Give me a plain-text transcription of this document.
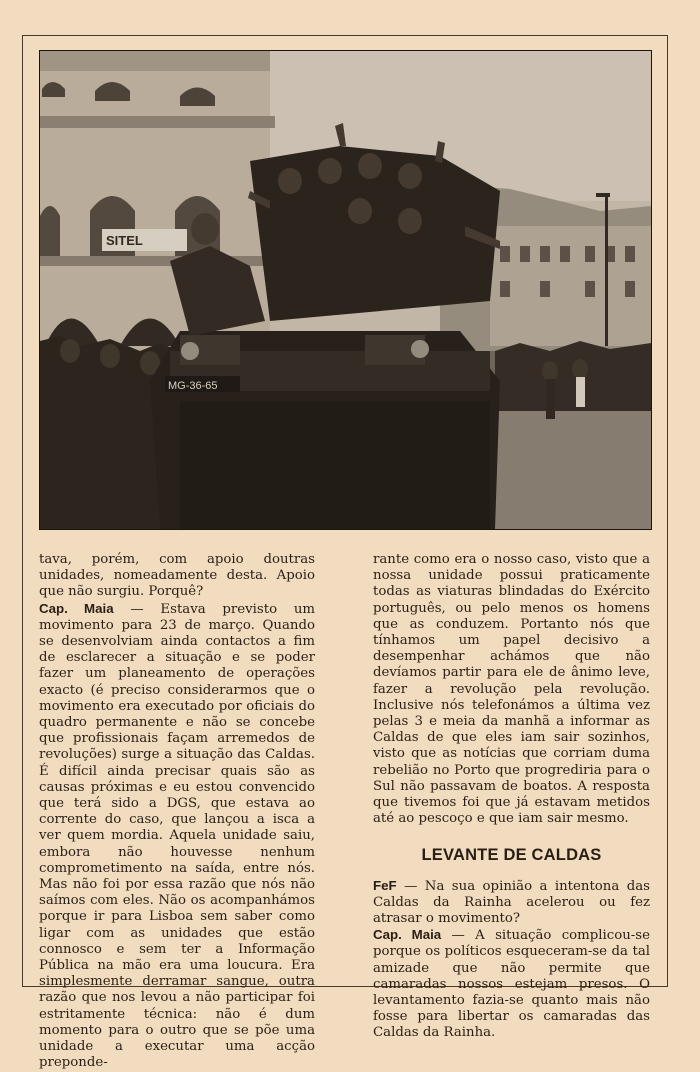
SITEL
MG-36-65

tava, porém, com apoio doutras unidades, nomeadamente desta. Apoio que não surgiu. Porquê?

Cap. Maia — Estava previsto um movimento para 23 de março. Quando se desenvolviam ainda contactos a fim de esclarecer a situação e se poder fazer um planeamento de operações exacto (é preciso considerarmos que o movimento era executado por oficiais do quadro permanente e não se concebe que profissionais façam arremedos de revoluções) surge a situação das Caldas. É difícil ainda precisar quais são as causas próximas e eu estou convencido que terá sido a DGS, que estava ao corrente do caso, que lançou a isca a ver quem mordia. Aquela unidade saiu, embora não houvesse nenhum comprometimento na saída, entre nós. Mas não foi por essa razão que nós não saímos com eles. Não os acompanhámos porque ir para Lisboa sem saber como ligar com as unidades que estão connosco e sem ter a Informação Pública na mão era uma loucura. Era simplesmente derramar sangue, outra razão que nos levou a não participar foi estritamente técnica: não é dum momento para o outro que se põe uma unidade a executar uma acção prepondе-

rante como era o nosso caso, visto que a nossa unidade possui praticamente todas as viaturas blindadas do Exército português, ou pelo menos os homens que as conduzem. Portanto nós que tínhamos um papel decisivo a desempenhar achámos que não devíamos partir para ele de ânimo leve, fazer a revolução pela revolução. Inclusive nós telefonámos a última vez pelas 3 e meia da manhã a informar as Caldas de que eles iam sair sozinhos, visto que as notícias que corriam duma rebelião no Porto que progrediria para o Sul não passavam de boatos. A resposta que tivemos foi que já estavam metidos até ao pescoço e que iam sair mesmo.

LEVANTE DE CALDAS

FeF — Na sua opinião a intentona das Caldas da Rainha acelerou ou fez atrasar o movimento?

Cap. Maia — A situação complicou-se porque os políticos esqueceram-se da tal amizade que não permite que camaradas nossos estejam presos. O levantamento fazia-se quanto mais não fosse para libertar os camaradas das Caldas da Rainha.
